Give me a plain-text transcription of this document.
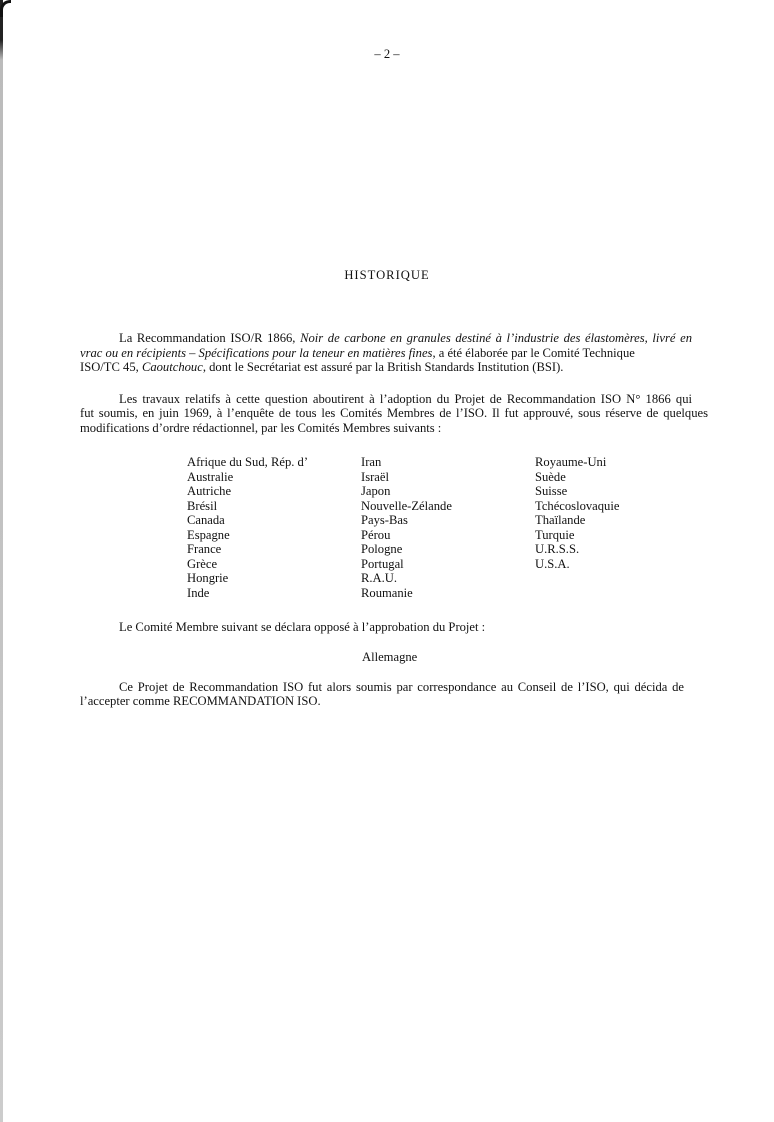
– 2 –
HISTORIQUE
La Recommandation ISO/R 1866, Noir de carbone en granules destiné à l’industrie des élastomères, livré en
vrac ou en récipients – Spécifications pour la teneur en matières fines, a été élaborée par le Comité Technique
ISO/TC 45, Caoutchouc, dont le Secrétariat est assuré par la British Standards Institution (BSI).
Les travaux relatifs à cette question aboutirent à l’adoption du Projet de Recommandation ISO N° 1866 qui
fut soumis, en juin 1969, à l’enquête de tous les Comités Membres de l’ISO. Il fut approuvé, sous réserve de quelques
modifications d’ordre rédactionnel, par les Comités Membres suivants :
Afrique du Sud, Rép. d’
Australie
Autriche
Brésil
Canada
Espagne
France
Grèce
Hongrie
Inde
Iran
Israël
Japon
Nouvelle-Zélande
Pays-Bas
Pérou
Pologne
Portugal
R.A.U.
Roumanie
Royaume-Uni
Suède
Suisse
Tchécoslovaquie
Thaïlande
Turquie
U.R.S.S.
U.S.A.
Le Comité Membre suivant se déclara opposé à l’approbation du Projet :
Allemagne
Ce Projet de Recommandation ISO fut alors soumis par correspondance au Conseil de l’ISO, qui décida de
l’accepter comme RECOMMANDATION ISO.
